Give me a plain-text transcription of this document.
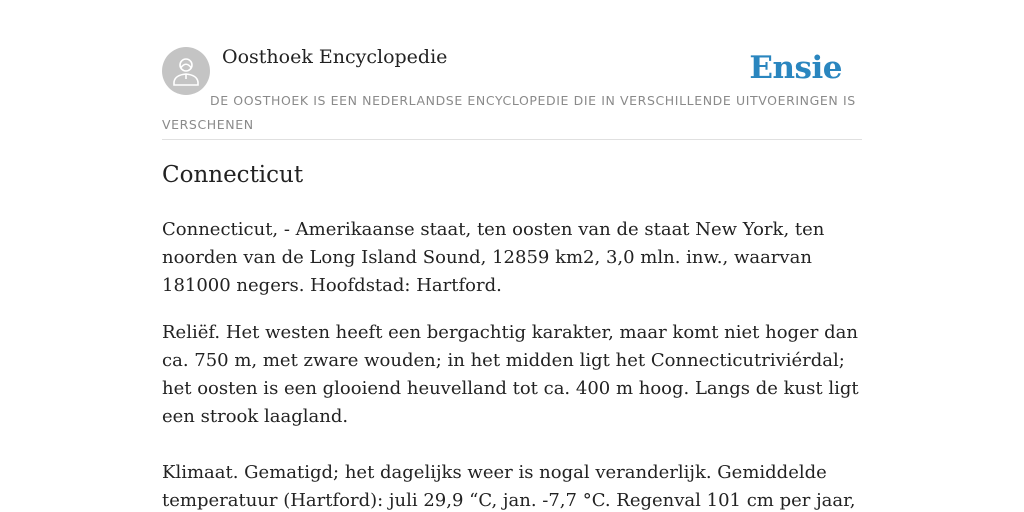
Oosthoek Encyclopedie	Ensie
DE OOSTHOEK IS EEN NEDERLANDSE ENCYCLOPEDIE DIE IN VERSCHILLENDE UITVOERINGEN IS VERSCHENEN
Connecticut

Connecticut, - Amerikaanse staat, ten oosten van de staat New York, ten noorden van de Long Island Sound, 12859 km2, 3,0 mln. inw., waarvan 181000 negers. Hoofdstad: Hartford.

Reliëf. Het westen heeft een bergachtig karakter, maar komt niet hoger dan ca. 750 m, met zware wouden; in het midden ligt het Connecticutriviérdal; het oosten is een glooiend heuvelland tot ca. 400 m hoog. Langs de kust ligt een strook laagland.

Klimaat. Gematigd; het dagelijks weer is nogal veranderlijk. Gemiddelde temperatuur (Hartford): juli 29,9 “C, jan. -7,7 °C. Regenval 101 cm per jaar,
